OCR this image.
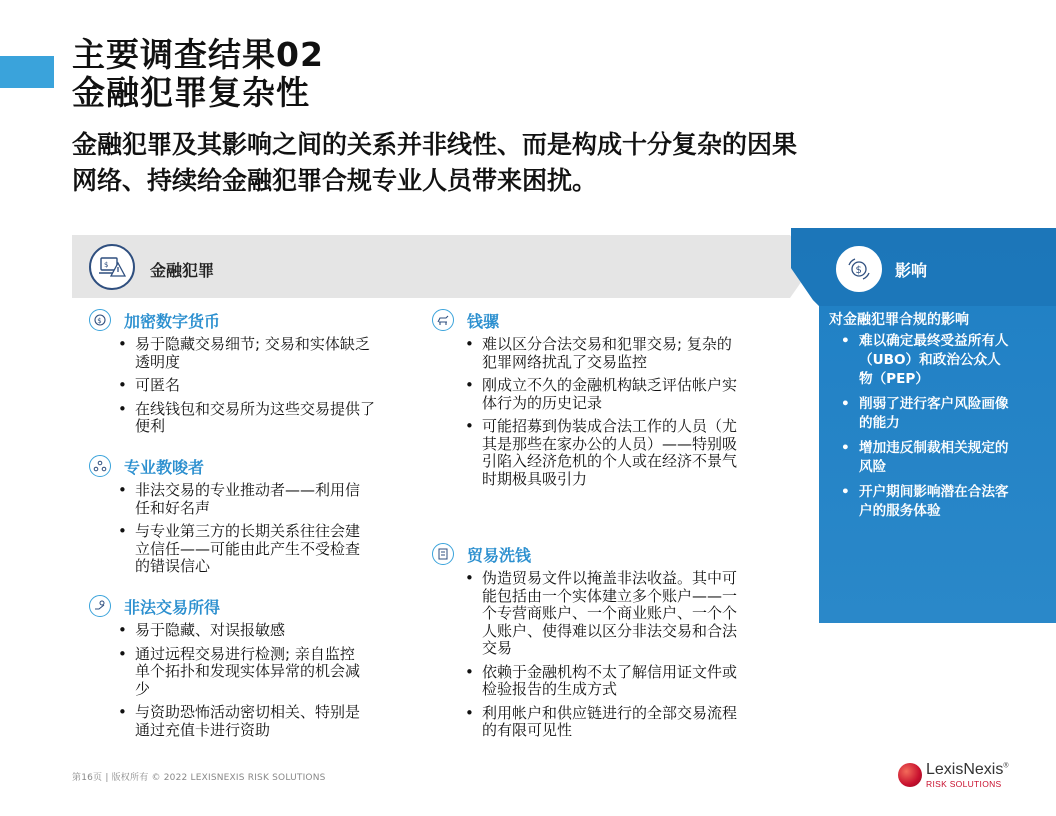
主要调查结果02
金融犯罪复杂性
金融犯罪及其影响之间的关系并非线性、而是构成十分复杂的因果
网络、持续给金融犯罪合规专业人员带来困扰。
$	金融犯罪	$ 影响
对金融犯罪合规的影响
• 难以确定最终受益所有人（UBO）和政治公众人物（PEP）
• 削弱了进行客户风险画像的能力
• 增加违反制裁相关规定的风险
• 开户期间影响潜在合法客户的服务体验
$ 加密数字货币
• 易于隐藏交易细节; 交易和实体缺乏透明度
• 可匿名
• 在线钱包和交易所为这些交易提供了便利
专业教唆者
• 非法交易的专业推动者——利用信任和好名声
• 与专业第三方的长期关系往往会建立信任——可能由此产生不受检查的错误信心
非法交易所得
• 易于隐藏、对误报敏感
• 通过远程交易进行检测; 亲自监控单个拓扑和发现实体异常的机会减少
• 与资助恐怖活动密切相关、特别是通过充值卡进行资助
钱骡
• 难以区分合法交易和犯罪交易; 复杂的犯罪网络扰乱了交易监控
• 刚成立不久的金融机构缺乏评估帐户实体行为的历史记录
• 可能招募到伪装成合法工作的人员（尤其是那些在家办公的人员）——特别吸引陷入经济危机的个人或在经济不景气时期极具吸引力
贸易洗钱
• 伪造贸易文件以掩盖非法收益。其中可能包括由一个实体建立多个账户——一个专营商账户、一个商业账户、一个个人账户、使得难以区分非法交易和合法交易
• 依赖于金融机构不太了解信用证文件或检验报告的生成方式
• 利用帐户和供应链进行的全部交易流程的有限可见性
第16页 | 版权所有 © 2022 LEXISNEXIS RISK SOLUTIONS	LexisNexis®
RISK SOLUTIONS
